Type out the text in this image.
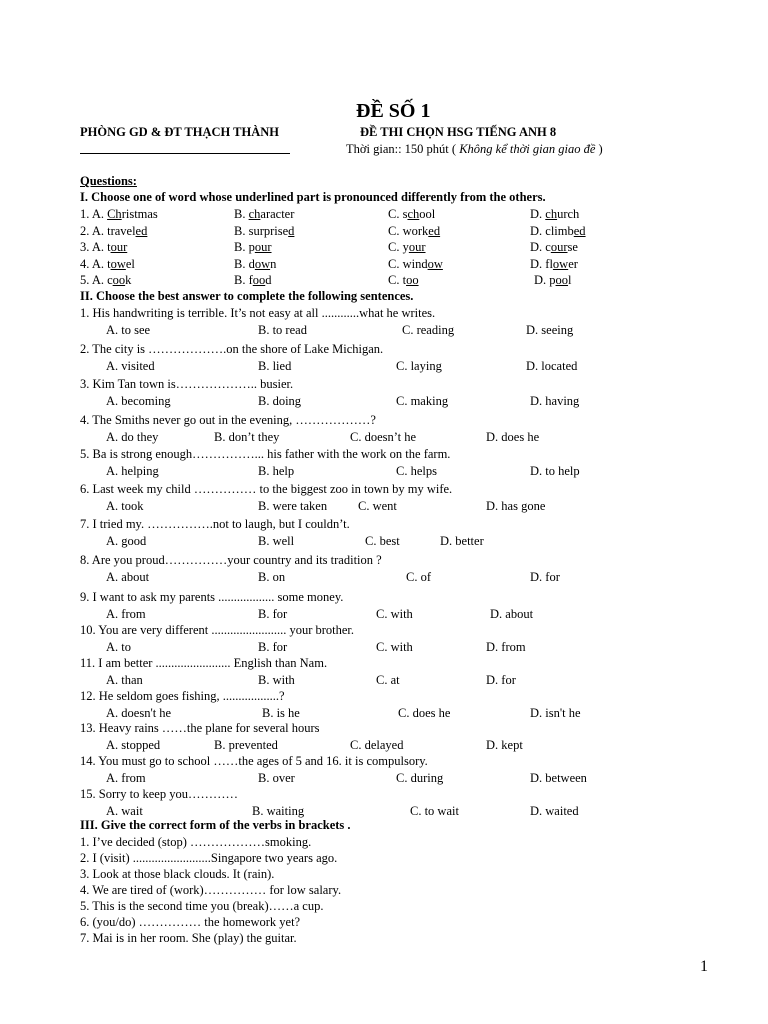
ĐỀ SỐ 1
PHÒNG GD & ĐT THẠCH THÀNH	ĐỀ THI CHỌN HSG TIẾNG ANH 8
Thời gian:: 150 phút ( Không kể thời gian giao đề )
Questions:
I. Choose one of word whose underlined part is pronounced differently from the others.
1. A. Christmas	B. character	C. school	D. church
2. A. traveled	B. surprised	C. worked	D. climbed
3. A. tour	B. pour	C. your	D. course
4. A. towel	B. down	C. window	D. flower
5. A. cook	B. food	C. too	D. pool
II. Choose the best answer to complete the following sentences.
1. His handwriting is terrible. It’s not easy at all ............what he writes.
A. to see	B. to read	C. reading	D. seeing
2. The city is ……………….on the shore of Lake Michigan.
A. visited	B. lied	C. laying	D. located
3. Kim Tan town is……………….. busier.
A. becoming	B. doing	C. making	D. having
4. The Smiths never go out in the evening, ………………?
A. do they	B. don’t they	C. doesn’t he	D. does he
5. Ba is strong enough……………... his father with the work on the farm.
A. helping	B. help	C. helps	D. to help
6. Last week my child …………… to the biggest zoo in town by my wife.
A. took	B. were taken C. went	D. has gone
7. I tried my. …………….not to laugh, but I couldn’t.
A. good	B. well	C. best	D. better
8. Are you proud……………your country and its tradition ?
A. about	B. on	C. of	D. for
9. I want to ask my parents .................. some money.
A. from	B. for	C. with	D. about
10. You are very different ........................ your brother.
A. to	B. for	C. with	D. from
11. I am better ........................ English than Nam.
A. than	B. with	C. at	D. for
12. He seldom goes fishing, ..................?
A. doesn't he	B. is he	C. does he	D. isn't he
13. Heavy rains ……the plane for several hours
A. stopped	B. prevented	C. delayed	D. kept
14. You must go to school ……the ages of 5 and 16. it is compulsory.
A. from	B. over	C. during	D. between
15. Sorry to keep you…………
A. wait	B. waiting	C. to wait	D. waited
III. Give the correct form of the verbs in brackets .
1. I’ve decided (stop) ………………smoking.
2. I (visit) .........................Singapore two years ago.
3. Look at those black clouds. It (rain).
4. We are tired of (work)…………… for low salary.
5. This is the second time you (break)……a cup.
6. (you/do) …………… the homework yet?
7. Mai is in her room. She (play) the guitar.
1
